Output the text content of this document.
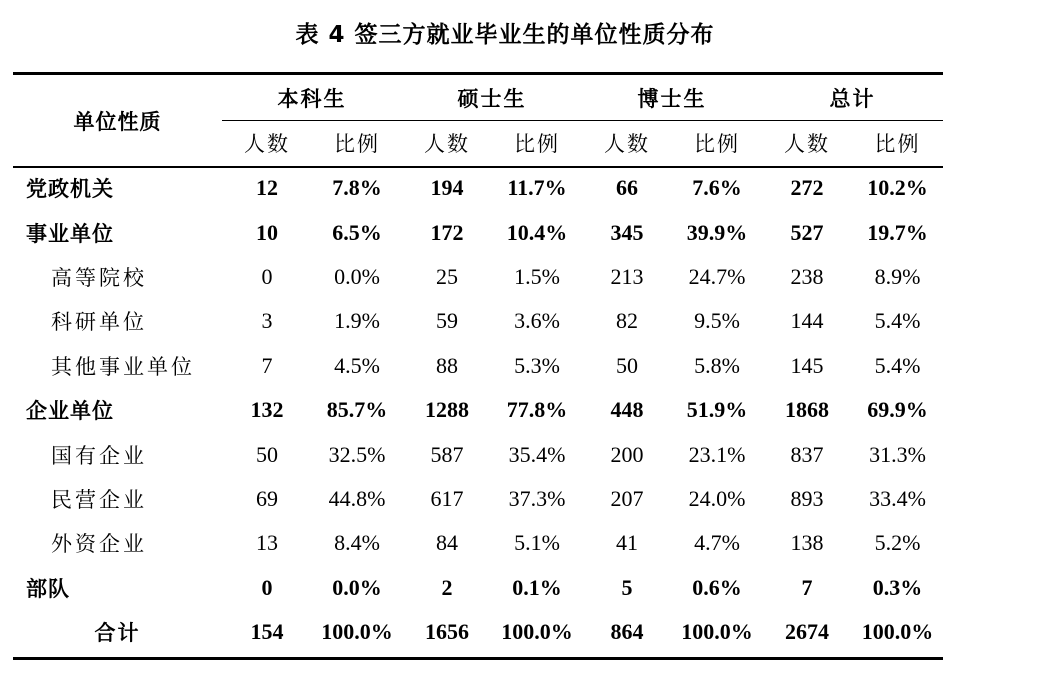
表 4 签三方就业毕业生的单位性质分布
单位性质	本科生		硕士生		博士生		总计	
	人数	比例	人数	比例	人数	比例	人数	比例
党政机关	12	7.8%	194	11.7%	66	7.6%	272	10.2%
事业单位	10	6.5%	172	10.4%	345	39.9%	527	19.7%
高等院校	0	0.0%	25	1.5%	213	24.7%	238	8.9%
科研单位	3	1.9%	59	3.6%	82	9.5%	144	5.4%
其他事业单位	7	4.5%	88	5.3%	50	5.8%	145	5.4%
企业单位	132	85.7%	1288	77.8%	448	51.9%	1868	69.9%
国有企业	50	32.5%	587	35.4%	200	23.1%	837	31.3%
民营企业	69	44.8%	617	37.3%	207	24.0%	893	33.4%
外资企业	13	8.4%	84	5.1%	41	4.7%	138	5.2%
部队	0	0.0%	2	0.1%	5	0.6%	7	0.3%
合计	154	100.0%	1656	100.0%	864	100.0%	2674	100.0%
